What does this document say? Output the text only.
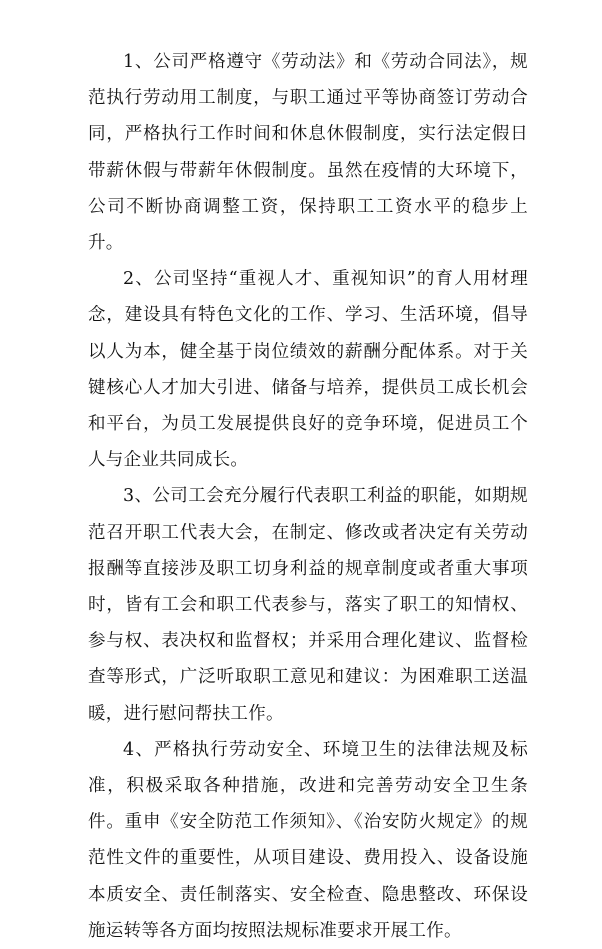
1、公司严格遵守《劳动法》和《劳动合同法》，规范执行劳动用工制度，与职工通过平等协商签订劳动合同，严格执行工作时间和休息休假制度，实行法定假日带薪休假与带薪年休假制度。虽然在疫情的大环境下，公司不断协商调整工资，保持职工工资水平的稳步上升。

2、公司坚持“重视人才、重视知识”的育人用材理念，建设具有特色文化的工作、学习、生活环境，倡导以人为本，健全基于岗位绩效的薪酬分配体系。对于关键核心人才加大引进、储备与培养，提供员工成长机会和平台，为员工发展提供良好的竞争环境，促进员工个人与企业共同成长。

3、公司工会充分履行代表职工利益的职能，如期规范召开职工代表大会，在制定、修改或者决定有关劳动报酬等直接涉及职工切身利益的规章制度或者重大事项时，皆有工会和职工代表参与，落实了职工的知情权、参与权、表决权和监督权；并采用合理化建议、监督检查等形式，广泛听取职工意见和建议：为困难职工送温暖，进行慰问帮扶工作。

4、严格执行劳动安全、环境卫生的法律法规及标准，积极采取各种措施，改进和完善劳动安全卫生条件。重申《安全防范工作须知》、《治安防火规定》的规范性文件的重要性，从项目建设、费用投入、设备设施本质安全、责任制落实、安全检查、隐患整改、环保设施运转等各方面均按照法规标准要求开展工作。
